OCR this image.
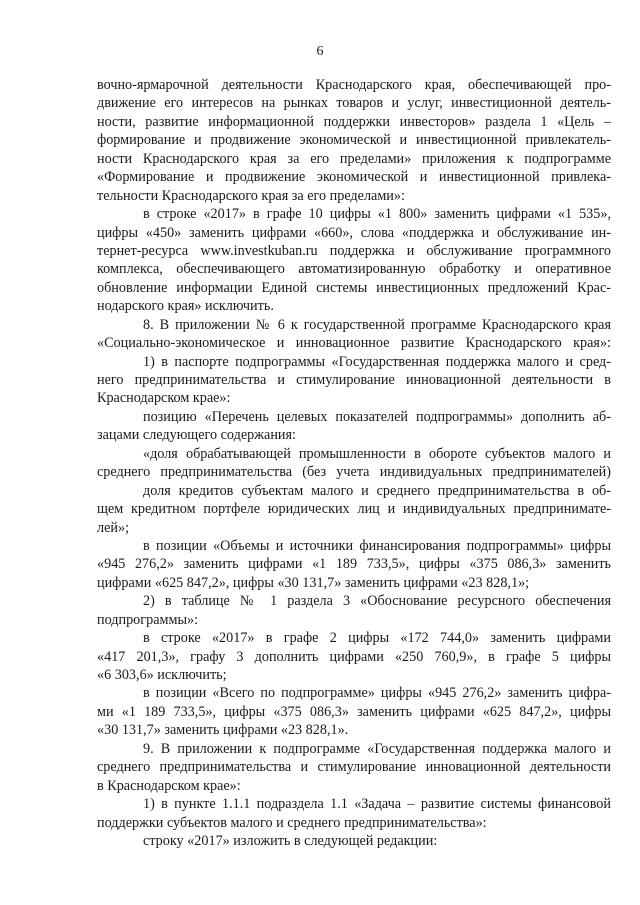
6
вочно-ярмарочной деятельности Краснодарского края, обеспечивающей про-
движение его интересов на рынках товаров и услуг, инвестиционной деятель-
ности, развитие информационной поддержки инвесторов» раздела 1 «Цель –
формирование и продвижение экономической и инвестиционной привлекатель-
ности Краснодарского края за его пределами» приложения к подпрограмме
«Формирование и продвижение экономической и инвестиционной привлека-
тельности Краснодарского края за его пределами»:
в строке «2017» в графе 10 цифры «1 800» заменить цифрами «1 535»,
цифры «450» заменить цифрами «660», слова «поддержка и обслуживание ин-
тернет-ресурса www.investkuban.ru поддержка и обслуживание программного
комплекса, обеспечивающего автоматизированную обработку и оперативное
обновление информации Единой системы инвестиционных предложений Крас-
нодарского края» исключить.
8. В приложении № 6 к государственной программе Краснодарского края
«Социально-экономическое и инновационное развитие Краснодарского края»:
1) в паспорте подпрограммы «Государственная поддержка малого и сред-
него предпринимательства и стимулирование инновационной деятельности в
Краснодарском крае»:
позицию «Перечень целевых показателей подпрограммы» дополнить аб-
зацами следующего содержания:
«доля обрабатывающей промышленности в обороте субъектов малого и
среднего предпринимательства (без учета индивидуальных предпринимателей)
доля кредитов субъектам малого и среднего предпринимательства в об-
щем кредитном портфеле юридических лиц и индивидуальных предпринимате-
лей»;
в позиции «Объемы и источники финансирования подпрограммы» цифры
«945 276,2» заменить цифрами «1 189 733,5», цифры «375 086,3» заменить
цифрами «625 847,2», цифры «30 131,7» заменить цифрами «23 828,1»;
2) в таблице № 1 раздела 3 «Обоснование ресурсного обеспечения
подпрограммы»:
в строке «2017» в графе 2 цифры «172 744,0» заменить цифрами
«417 201,3», графу 3 дополнить цифрами «250 760,9», в графе 5 цифры
«6 303,6» исключить;
в позиции «Всего по подпрограмме» цифры «945 276,2» заменить цифра-
ми «1 189 733,5», цифры «375 086,3» заменить цифрами «625 847,2», цифры
«30 131,7» заменить цифрами «23 828,1».
9. В приложении к подпрограмме «Государственная поддержка малого и
среднего предпринимательства и стимулирование инновационной деятельности
в Краснодарском крае»:
1) в пункте 1.1.1 подраздела 1.1 «Задача – развитие системы финансовой
поддержки субъектов малого и среднего предпринимательства»:
строку «2017» изложить в следующей редакции:
